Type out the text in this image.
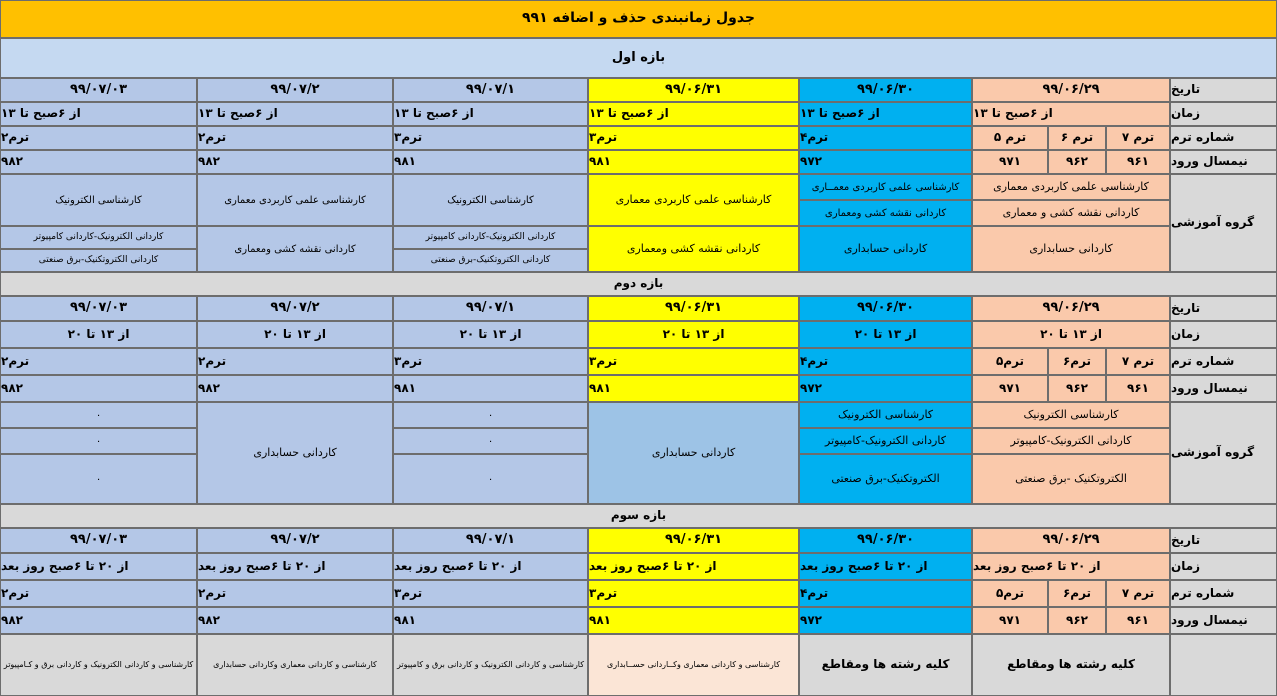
جدول زمانبندی حذف و اضافه ۹۹۱
بازه اول
تاریخ
زمان
شماره ترم
نیمسال ورود
گروه آموزشی
۹۹/۰۶/۲۹
از ۶صبح تا ۱۳
ترم ۷
ترم ۶
ترم ۵
۹۶۱
۹۶۲
۹۷۱
کارشناسی علمی کاربردی معماری
کاردانی نقشه کشی و معماری
کاردانی حسابداری
۹۹/۰۶/۳۰
از ۶صبح تا ۱۳
ترم۴
۹۷۲
کارشناسی علمی کاربردی معمــاری
کاردانی نقشه کشی ومعماری
کاردانی حسابداری
۹۹/۰۶/۳۱
از ۶صبح تا ۱۳
ترم۳
۹۸۱
کارشناسی علمی کاربردی معماری
کاردانی نقشه کشی ومعماری
۹۹/۰۷/۱
از ۶صبح تا ۱۳
ترم۳
۹۸۱
کارشناسی الکترونیک
کاردانی الکترونیک-کاردانی کامپیوتر
کاردانی الکتروتکنیک-برق صنعتی
۹۹/۰۷/۲
از ۶صبح تا ۱۳
ترم۲
۹۸۲
کارشناسی علمی کاربردی معماری
کاردانی نقشه کشی ومعماری
۹۹/۰۷/۰۳
از ۶صبح تا ۱۳
ترم۲
۹۸۲
کارشناسی الکترونیک
کاردانی الکترونیک-کاردانی کامپیوتر
کاردانی الکتروتکنیک-برق صنعتی
بازه دوم
تاریخ
زمان
شماره ترم
نیمسال ورود
گروه آموزشی
۹۹/۰۶/۲۹
از ۱۳ تا ۲۰
ترم ۷
ترم۶
ترم۵
۹۶۱
۹۶۲
۹۷۱
کارشناسی الکترونیک
کاردانی الکترونیک-کامپیوتر
الکتروتکنیک -برق صنعتی
۹۹/۰۶/۳۰
از ۱۳ تا ۲۰
ترم۴
۹۷۲
کارشناسی الکترونیک
کاردانی الکترونیک-کامپیوتر
الکتروتکنیک-برق صنعتی
۹۹/۰۶/۳۱
از ۱۳ تا ۲۰
ترم۳
۹۸۱
کاردانی حسابداری
۹۹/۰۷/۱
از ۱۳ تا ۲۰
ترم۳
۹۸۱
۰
۰
۰
۹۹/۰۷/۲
از ۱۳ تا ۲۰
ترم۲
۹۸۲
کاردانی حسابداری
۹۹/۰۷/۰۳
از ۱۳ تا ۲۰
ترم۲
۹۸۲
۰
۰
۰
بازه سوم
تاریخ
زمان
شماره ترم
نیمسال ورود
۹۹/۰۶/۲۹
از ۲۰ تا ۶صبح روز بعد
ترم ۷
ترم۶
ترم۵
۹۶۱
۹۶۲
۹۷۱
کلیه رشته ها ومقاطع
۹۹/۰۶/۳۰
از ۲۰ تا ۶صبح روز بعد
ترم۴
۹۷۲
کلیه رشته ها ومقاطع
۹۹/۰۶/۳۱
از ۲۰ تا ۶صبح روز بعد
ترم۳
۹۸۱
کارشناسی و کاردانی معماری وکــاردانی حســابداری
۹۹/۰۷/۱
از ۲۰ تا ۶صبح روز بعد
ترم۳
۹۸۱
کارشناسی و کاردانی الکترونیک و کاردانی برق و کامپیوتر
۹۹/۰۷/۲
از ۲۰ تا ۶صبح روز بعد
ترم۲
۹۸۲
کارشناسی و کاردانی معماری وکاردانی حسابداری
۹۹/۰۷/۰۳
از ۲۰ تا ۶صبح روز بعد
ترم۲
۹۸۲
کارشناسی و کاردانی الکترونیک و کاردانی برق و کـامپیوتر
